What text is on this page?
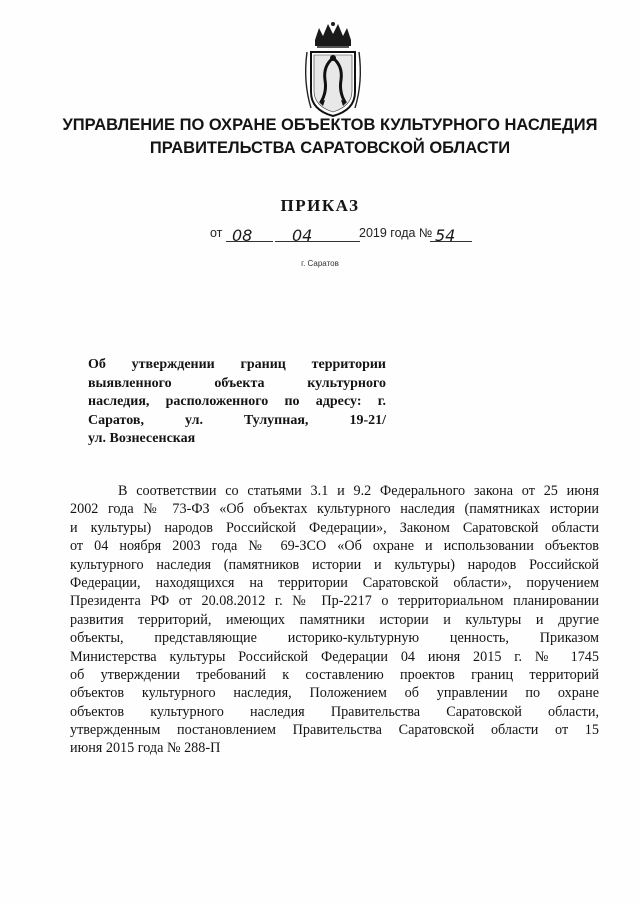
УПРАВЛЕНИЕ ПО ОХРАНЕ ОБЪЕКТОВ КУЛЬТУРНОГО НАСЛЕДИЯ
ПРАВИТЕЛЬСТВА САРАТОВСКОЙ ОБЛАСТИ
ПРИКАЗ
от 08 04	2019 года № 54
г. Саратов
Об утверждении границ территории
выявленного объекта культурного
наследия, расположенного по адресу: г.
Саратов, ул. Тулупная, 19-21/
ул. Вознесенская
В соответствии со статьями 3.1 и 9.2 Федерального закона от 25 июня
2002 года № 73-ФЗ «Об объектах культурного наследия (памятниках истории
и культуры) народов Российской Федерации», Законом Саратовской области
от 04 ноября 2003 года № 69-ЗСО «Об охране и использовании объектов
культурного наследия (памятников истории и культуры) народов Российской
Федерации, находящихся на территории Саратовской области», поручением
Президента РФ от 20.08.2012 г. № Пр-2217 о территориальном планировании
развития территорий, имеющих памятники истории и культуры и другие
объекты, представляющие историко-культурную ценность, Приказом
Министерства культуры Российской Федерации 04 июня 2015 г. № 1745
об утверждении требований к составлению проектов границ территорий
объектов культурного наследия, Положением об управлении по охране
объектов культурного наследия Правительства Саратовской области,
утвержденным постановлением Правительства Саратовской области от 15
июня 2015 года № 288-П
